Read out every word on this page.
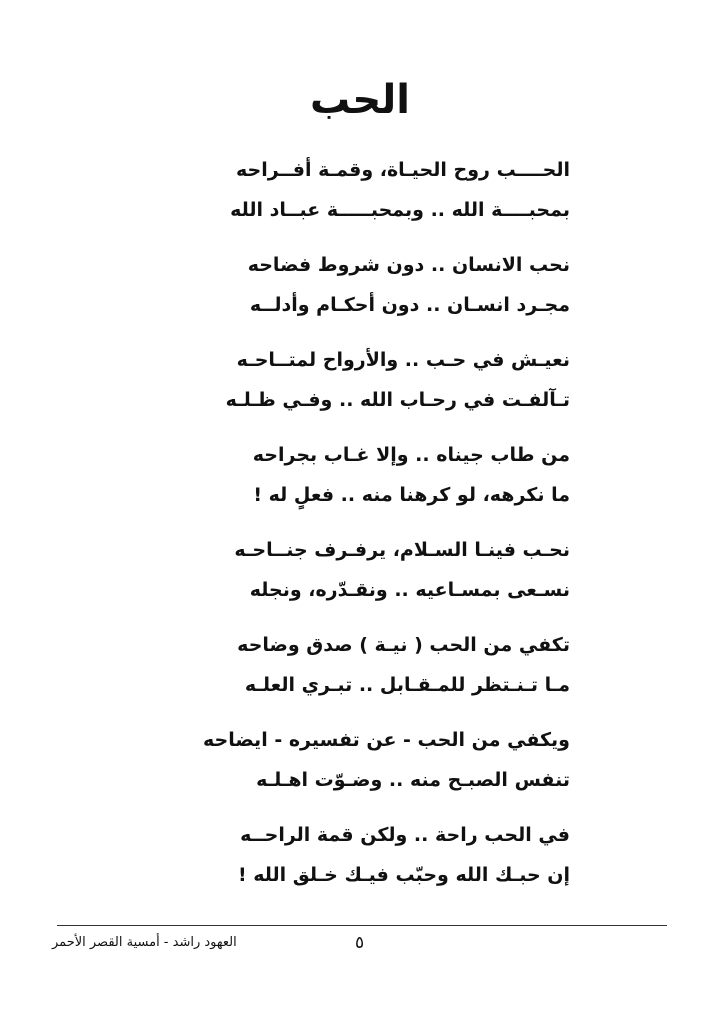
الحب
الحــــب روح الحيـاة، وقمـة أفــراحه
بمحبــــة الله .. وبمحبـــــة عبــاد الله
نحب الانسان .. دون شروط فضاحه
مجـرد انسـان .. دون أحكـام وأدلــه
نعيـش في حـب .. والأرواح لمتــاحـه
تـآلفـت في رحـاب الله .. وفـي ظـلـه
من طاب جيناه .. وإلا غـاب بجراحه
ما نكرهه، لو كرهنا منه .. فعلٍ له !
نحـب فينـا السـلام، يرفـرف جنــاحـه
نسـعى بمسـاعيه .. ونقـدّره، ونجله
تكفي من الحب ( نيـة ) صدق وضاحه
مـا تـنـتظر للمـقـابل .. تبـري العلـه
ويكفي من الحب - عن تفسيره - ايضاحه
تنفس الصبـح منه .. وضـوّت اهـلـه
في الحب راحة .. ولكن قمة الراحــه
إن حبـك الله وحبّب فيـك خـلق الله !
٥
العهود راشد - أمسية القصر الأحمر
